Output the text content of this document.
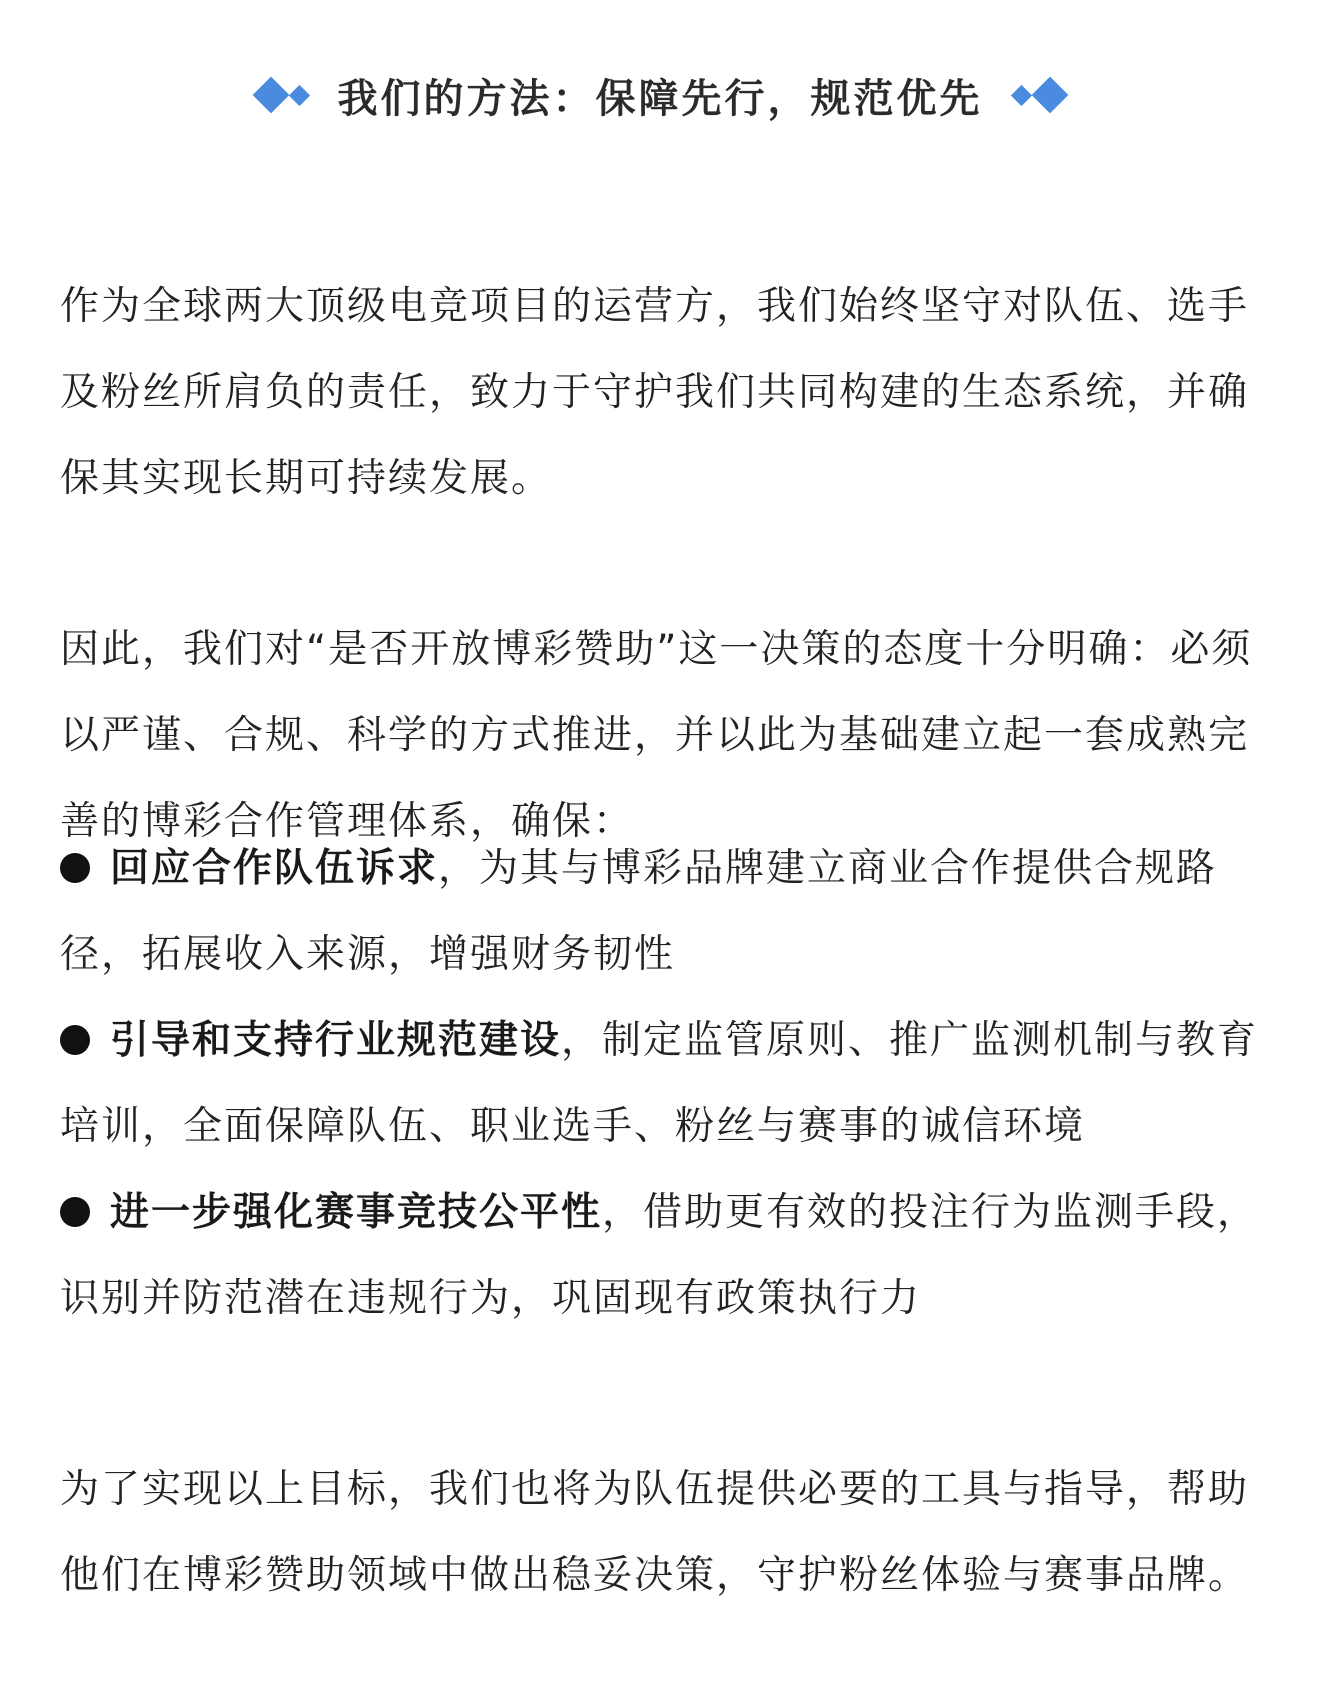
我们的方法：保障先行，规范优先

作为全球两大顶级电竞项目的运营方，我们始终坚守对队伍、选手及粉丝所肩负的责任，致力于守护我们共同构建的生态系统，并确保其实现长期可持续发展。

因此，我们对“是否开放博彩赞助”这一决策的态度十分明确：必须以严谨、合规、科学的方式推进，并以此为基础建立起一套成熟完善的博彩合作管理体系，确保：

回应合作队伍诉求，为其与博彩品牌建立商业合作提供合规路径，拓展收入来源，增强财务韧性

引导和支持行业规范建设，制定监管原则、推广监测机制与教育培训，全面保障队伍、职业选手、粉丝与赛事的诚信环境

进一步强化赛事竞技公平性，借助更有效的投注行为监测手段，识别并防范潜在违规行为，巩固现有政策执行力

为了实现以上目标，我们也将为队伍提供必要的工具与指导，帮助他们在博彩赞助领域中做出稳妥决策，守护粉丝体验与赛事品牌。
